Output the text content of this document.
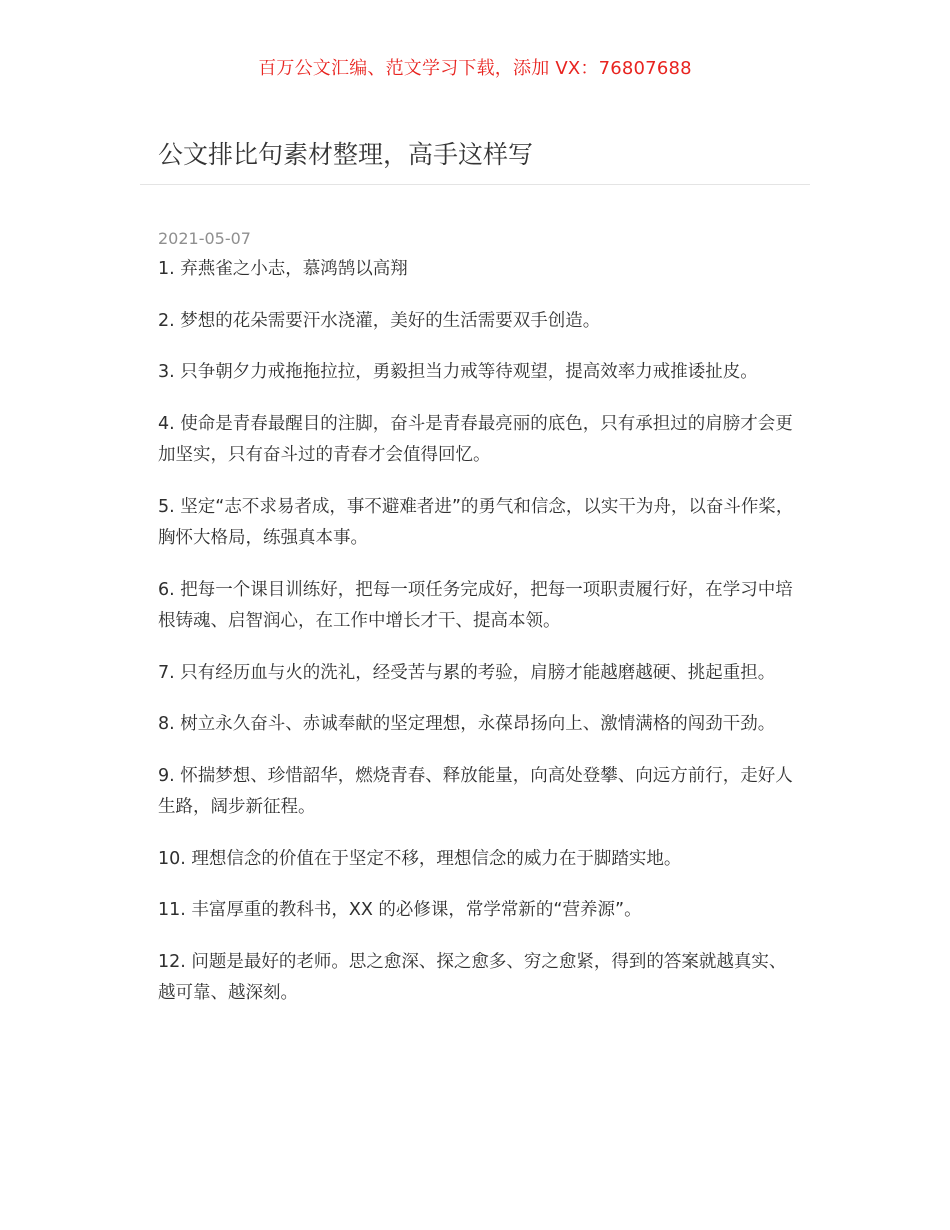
百万公文汇编、范文学习下载，添加 VX：76807688
公文排比句素材整理，高手这样写
2021-05-07

1. 弃燕雀之小志，慕鸿鹄以高翔

2. 梦想的花朵需要汗水浇灌，美好的生活需要双手创造。

3. 只争朝夕力戒拖拖拉拉，勇毅担当力戒等待观望，提高效率力戒推诿扯皮。

4. 使命是青春最醒目的注脚，奋斗是青春最亮丽的底色，只有承担过的肩膀才会更加坚实，只有奋斗过的青春才会值得回忆。

5. 坚定“志不求易者成，事不避难者进”的勇气和信念，以实干为舟，以奋斗作桨，胸怀大格局，练强真本事。

6. 把每一个课目训练好，把每一项任务完成好，把每一项职责履行好，在学习中培根铸魂、启智润心，在工作中增长才干、提高本领。

7. 只有经历血与火的洗礼，经受苦与累的考验，肩膀才能越磨越硬、挑起重担。

8. 树立永久奋斗、赤诚奉献的坚定理想，永葆昂扬向上、激情满格的闯劲干劲。

9. 怀揣梦想、珍惜韶华，燃烧青春、释放能量，向高处登攀、向远方前行，走好人生路，阔步新征程。

10. 理想信念的价值在于坚定不移，理想信念的威力在于脚踏实地。

11. 丰富厚重的教科书，XX 的必修课，常学常新的“营养源”。

12. 问题是最好的老师。思之愈深、探之愈多、穷之愈紧，得到的答案就越真实、越可靠、越深刻。
